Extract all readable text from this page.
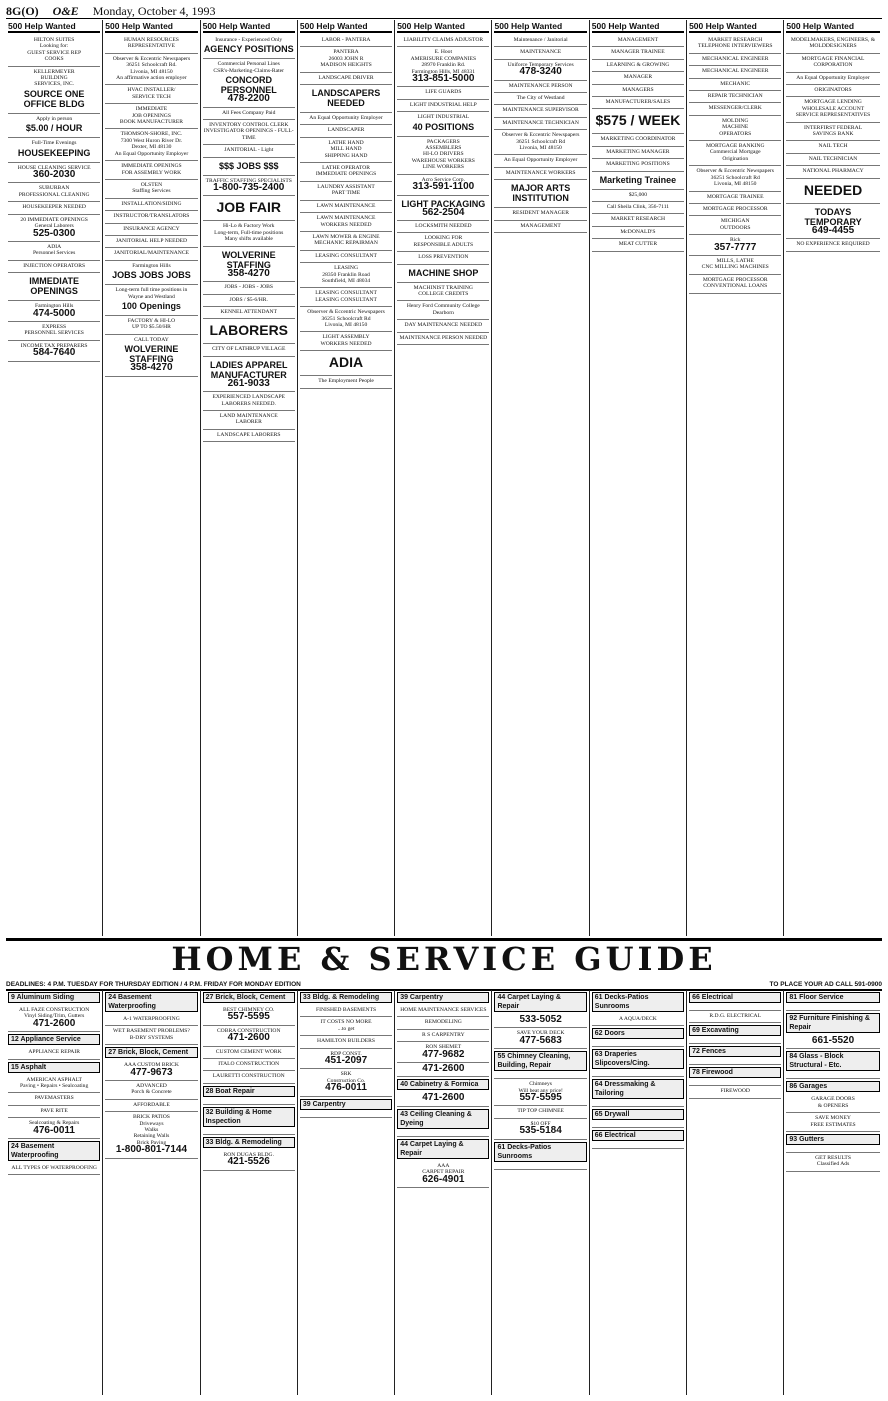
8G(O) O&E Monday, October 4, 1993
500 Help Wanted
HILTON SUITES
Looking for:
GUEST SERVICE REP
COOKS
KELLERMEYER
BUILDING
SERVICES, INC.
SOURCE ONE OFFICE BLDG
Apply in person
$5.00 / HOUR
Full-Time Evenings
HOUSEKEEPING
HOUSE CLEANING SERVICE
360-2030
SUBURBAN
PROFESSIONAL CLEANING
HOUSEKEEPER NEEDED
20 IMMEDIATE OPENINGS
General Laborers
525-0300
ADIA
Personnel Services
INJECTION OPERATORS
IMMEDIATE OPENINGS
Farmington Hills
474-5000
EXPRESS
PERSONNEL SERVICES
INCOME TAX PREPARERS
584-7640
500 Help Wanted
HUMAN RESOURCES
REPRESENTATIVE
Observer & Eccentric Newspapers
36251 Schoolcraft Rd.
Livonia, MI 48150
An affirmative action employer
HVAC INSTALLER/
SERVICE TECH
IMMEDIATE
JOB OPENINGS
BOOK MANUFACTURER
THOMSON-SHORE, INC.
7300 West Huron River Dr.
Dexter, MI 48130
An Equal Opportunity Employer
IMMEDIATE OPENINGS
FOR ASSEMBLY WORK
OLSTEN
Staffing Services
INSTALLATION/SIDING
INSTRUCTOR/TRANSLATORS
INSURANCE AGENCY
JANITORIAL HELP NEEDED
JANITORIAL/MAINTENANCE
Farmington Hills
JOBS JOBS JOBS
Long-term full time positions in
Wayne and Westland
100 Openings
FACTORY & HI-LO
UP TO $5.50/HR
CALL TODAY
WOLVERINE STAFFING
358-4270
500 Help Wanted
Insurance - Experienced Only
AGENCY POSITIONS
Commercial Personal Lines
CSR's-Marketing-Claims-Rater
CONCORD PERSONNEL
478-2200
All Fees Company Paid
INVENTORY CONTROL CLERK
INVESTIGATOR OPENINGS - FULL-TIME
JANITORIAL - Light
$$$ JOBS $$$
TRAFFIC STAFFING SPECIALISTS
1-800-735-2400
JOB FAIR
Hi-Lo & Factory Work
Long-term, Full-time positions
Many shifts available
WOLVERINE STAFFING
358-4270
JOBS - JOBS - JOBS
JOBS / $5-6/HR.
KENNEL ATTENDANT
LABORERS
CITY OF LATHRUP VILLAGE
LADIES APPAREL MANUFACTURER
261-9033
EXPERIENCED LANDSCAPE
LABORERS NEEDED.
LAND MAINTENANCE
LABORER
LANDSCAPE LABORERS
500 Help Wanted
LABOR - PANTERA
PANTERA
26003 JOHN R
MADISON HEIGHTS
LANDSCAPE DRIVER
LANDSCAPERS NEEDED
An Equal Opportunity Employer
LANDSCAPER
LATHE HAND
MILL HAND
SHIPPING HAND
LATHE OPERATOR
IMMEDIATE OPENINGS
LAUNDRY ASSISTANT
PART TIME
LAWN MAINTENANCE
LAWN MAINTENANCE
WORKERS NEEDED
LAWN MOWER & ENGINE
MECHANIC REPAIRMAN
LEASING CONSULTANT
LEASING
28350 Franklin Road
Southfield, MI 48034
LEASING CONSULTANT
LEASING CONSULTANT
Observer & Eccentric Newspapers
36251 Schoolcraft Rd
Livonia, MI 48150
LIGHT ASSEMBLY
WORKERS NEEDED
ADIA
The Employment People
500 Help Wanted
LIABILITY CLAIMS ADJUSTOR
E. Hoot
AMERISURE COMPANIES
28970 Franklin Rd.
Farmington Hills, MI 48331
313-851-5000
LIFE GUARDS
LIGHT INDUSTRIAL HELP
LIGHT INDUSTRIAL
40 POSITIONS
PACKAGERS
ASSEMBLERS
HI-LO DRIVERS
WAREHOUSE WORKERS
LINE WORKERS
Acro Service Corp.
313-591-1100
LIGHT PACKAGING
562-2504
LOCKSMITH NEEDED
LOOKING FOR
RESPONSIBLE ADULTS
LOSS PREVENTION
MACHINE SHOP
MACHINIST TRAINING
COLLEGE CREDITS
Henry Ford Community College
Dearborn
DAY MAINTENANCE NEEDED
MAINTENANCE PERSON NEEDED
500 Help Wanted
Maintenance / Janitorial
MAINTENANCE
Uniforce Temporary Services
478-3240
MAINTENANCE PERSON
The City of Westland
MAINTENANCE SUPERVISOR
MAINTENANCE TECHNICIAN
Observer & Eccentric Newspapers
36251 Schoolcraft Rd
Livonia, MI 48150
An Equal Opportunity Employer
MAINTENANCE WORKERS
MAJOR ARTS INSTITUTION
RESIDENT MANAGER
MANAGEMENT
500 Help Wanted
MANAGEMENT
MANAGER TRAINEE
LEARNING & GROWING
MANAGER
MANAGERS
MANUFACTURER/SALES
$575 / WEEK
MARKETING COORDINATOR
MARKETING MANAGER
MARKETING POSITIONS
Marketing Trainee
$25,000
Call Sheila Clink, 356-7111
MARKET RESEARCH
McDONALD'S
MEAT CUTTER
500 Help Wanted
MARKET RESEARCH
TELEPHONE INTERVIEWERS
MECHANICAL ENGINEER
MECHANICAL ENGINEER
MECHANIC
REPAIR TECHNICIAN
MESSENGER/CLERK
MOLDING
MACHINE
OPERATORS
MORTGAGE BANKING
Commercial Mortgage
Origination
Observer & Eccentric Newspapers
36251 Schoolcraft Rd
Livonia, MI 48150
MORTGAGE TRAINEE
MORTGAGE PROCESSOR
MICHIGAN
OUTDOORS
Rick
357-7777
MILLS, LATHE
CNC MILLING MACHINES
MORTGAGE PROCESSOR
CONVENTIONAL LOANS
500 Help Wanted
MODELMAKERS, ENGINEERS, &
MOLDDESIGNERS
MORTGAGE FINANCIAL CORPORATION
An Equal Opportunity Employer
ORIGINATORS
MORTGAGE LENDING
WHOLESALE ACCOUNT
SERVICE REPRESENTATIVES
INTERFIRST FEDERAL
SAVINGS BANK
NAIL TECH
NAIL TECHNICIAN
NATIONAL PHARMACY
NEEDED
TODAYS TEMPORARY
649-4455
NO EXPERIENCE REQUIRED
HOME & SERVICE GUIDE
DEADLINES: 4 P.M. TUESDAY FOR THURSDAY EDITION / 4 P.M. FRIDAY FOR MONDAY EDITION	TO PLACE YOUR AD CALL 591-0900
9 Aluminum Siding
ALL FAZE CONSTRUCTION
Vinyl Siding/Trim, Gutters
471-2600
12 Appliance Service
APPLIANCE REPAIR
15 Asphalt
AMERICAN ASPHALT
Paving • Repairs • Sealcoating
PAVEMASTERS
PAVE RITE
Sealcoating & Repairs
476-0011
24 Basement Waterproofing
ALL TYPES OF WATERPROOFING
24 Basement Waterproofing
A-1 WATERPROOFING
WET BASEMENT PROBLEMS?
B-DRY SYSTEMS
27 Brick, Block, Cement
AAA CUSTOM BRICK
477-9673
ADVANCED
Porch & Concrete
AFFORDABLE
BRICK PATIOS
Driveways
Walks
Retaining Walls
Brick Paving
1-800-801-7144
27 Brick, Block, Cement
BEST CHIMNEY CO.
557-5595
COBRA CONSTRUCTION
471-2600
CUSTOM CEMENT WORK
ITALO CONSTRUCTION
LAURETTI CONSTRUCTION
28 Boat Repair
32 Building & Home Inspection
33 Bldg. & Remodeling
RON DUGAS BLDG.
421-5526
33 Bldg. & Remodeling
FINISHED BASEMENTS
IT COSTS NO MORE
...to get
HAMILTON BUILDERS
RDP CONST.
451-2097
SRK
Construction Co.
476-0011
39 Carpentry
39 Carpentry
HOME MAINTENANCE SERVICES
REMODELING
R S CARPENTRY
RON SHEMET
477-9682
471-2600
40 Cabinetry & Formica
471-2600
43 Ceiling Cleaning & Dyeing
44 Carpet Laying & Repair
AAA
CARPET REPAIR
626-4901
44 Carpet Laying & Repair
533-5052
SAVE YOUR DECK
477-5683
55 Chimney Cleaning, Building, Repair
Chimneys
Will beat any price!
557-5595
TIP TOP CHIMNEE
$10 OFF
535-5184
61 Decks-Patios Sunrooms
61 Decks-Patios Sunrooms
A AQUA/DECK
62 Doors
63 Draperies Slipcovers/Cing.
64 Dressmaking & Tailoring
65 Drywall
66 Electrical
66 Electrical
R.D.G. ELECTRICAL
69 Excavating
72 Fences
78 Firewood
FIREWOOD
81 Floor Service
92 Furniture Finishing & Repair
661-5520
84 Glass - Block Structural - Etc.
86 Garages
GARAGE DOORS
& OPENERS
SAVE MONEY
FREE ESTIMATES
93 Gutters
GET RESULTS
Classified Ads
